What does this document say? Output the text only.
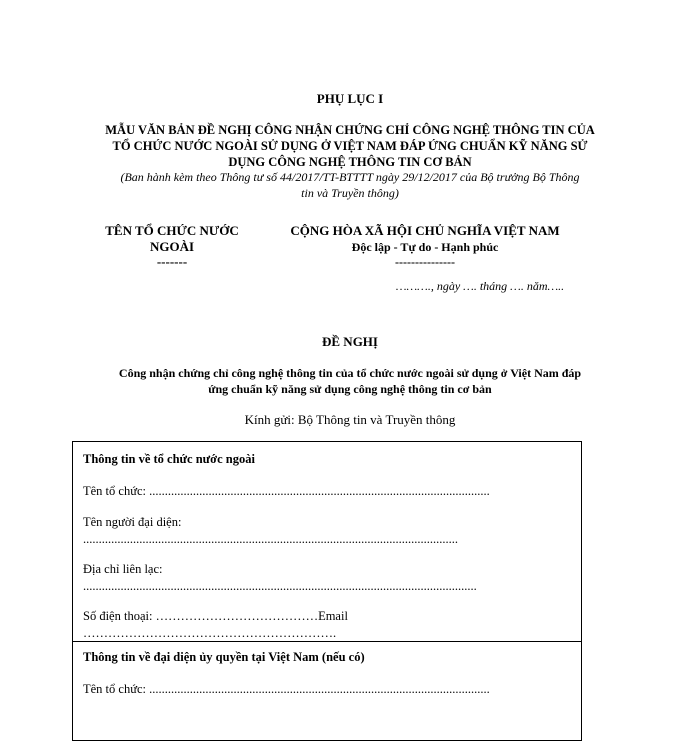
PHỤ LỤC I
MẪU VĂN BẢN ĐỀ NGHỊ CÔNG NHẬN CHỨNG CHỈ CÔNG NGHỆ THÔNG TIN CỦA
TỔ CHỨC NƯỚC NGOÀI SỬ DỤNG Ở VIỆT NAM ĐÁP ỨNG CHUẨN KỸ NĂNG SỬ
DỤNG CÔNG NGHỆ THÔNG TIN CƠ BẢN
(Ban hành kèm theo Thông tư số 44/2017/TT-BTTTT ngày 29/12/2017 của Bộ trưởng Bộ Thông
tin và Truyền thông)
TÊN TỔ CHỨC NƯỚC
NGOÀI
-------
CỘNG HÒA XÃ HỘI CHỦ NGHĨA VIỆT NAM
Độc lập - Tự do - Hạnh phúc
---------------
………., ngày …. tháng …. năm…..
ĐỀ NGHỊ
Công nhận chứng chỉ công nghệ thông tin của tổ chức nước ngoài sử dụng ở Việt Nam đáp
ứng chuẩn kỹ năng sử dụng công nghệ thông tin cơ bản
Kính gửi: Bộ Thông tin và Truyền thông
Thông tin về tổ chức nước ngoài
Tên tổ chức: .............................................................................................................
Tên người đại diện:
........................................................................................................................
Địa chỉ liên lạc:
..............................................................................................................................
Số điện thoại: …………………………………Email
…………………………………………………….
Thông tin về đại diện ủy quyền tại Việt Nam (nếu có)
Tên tổ chức: .............................................................................................................
